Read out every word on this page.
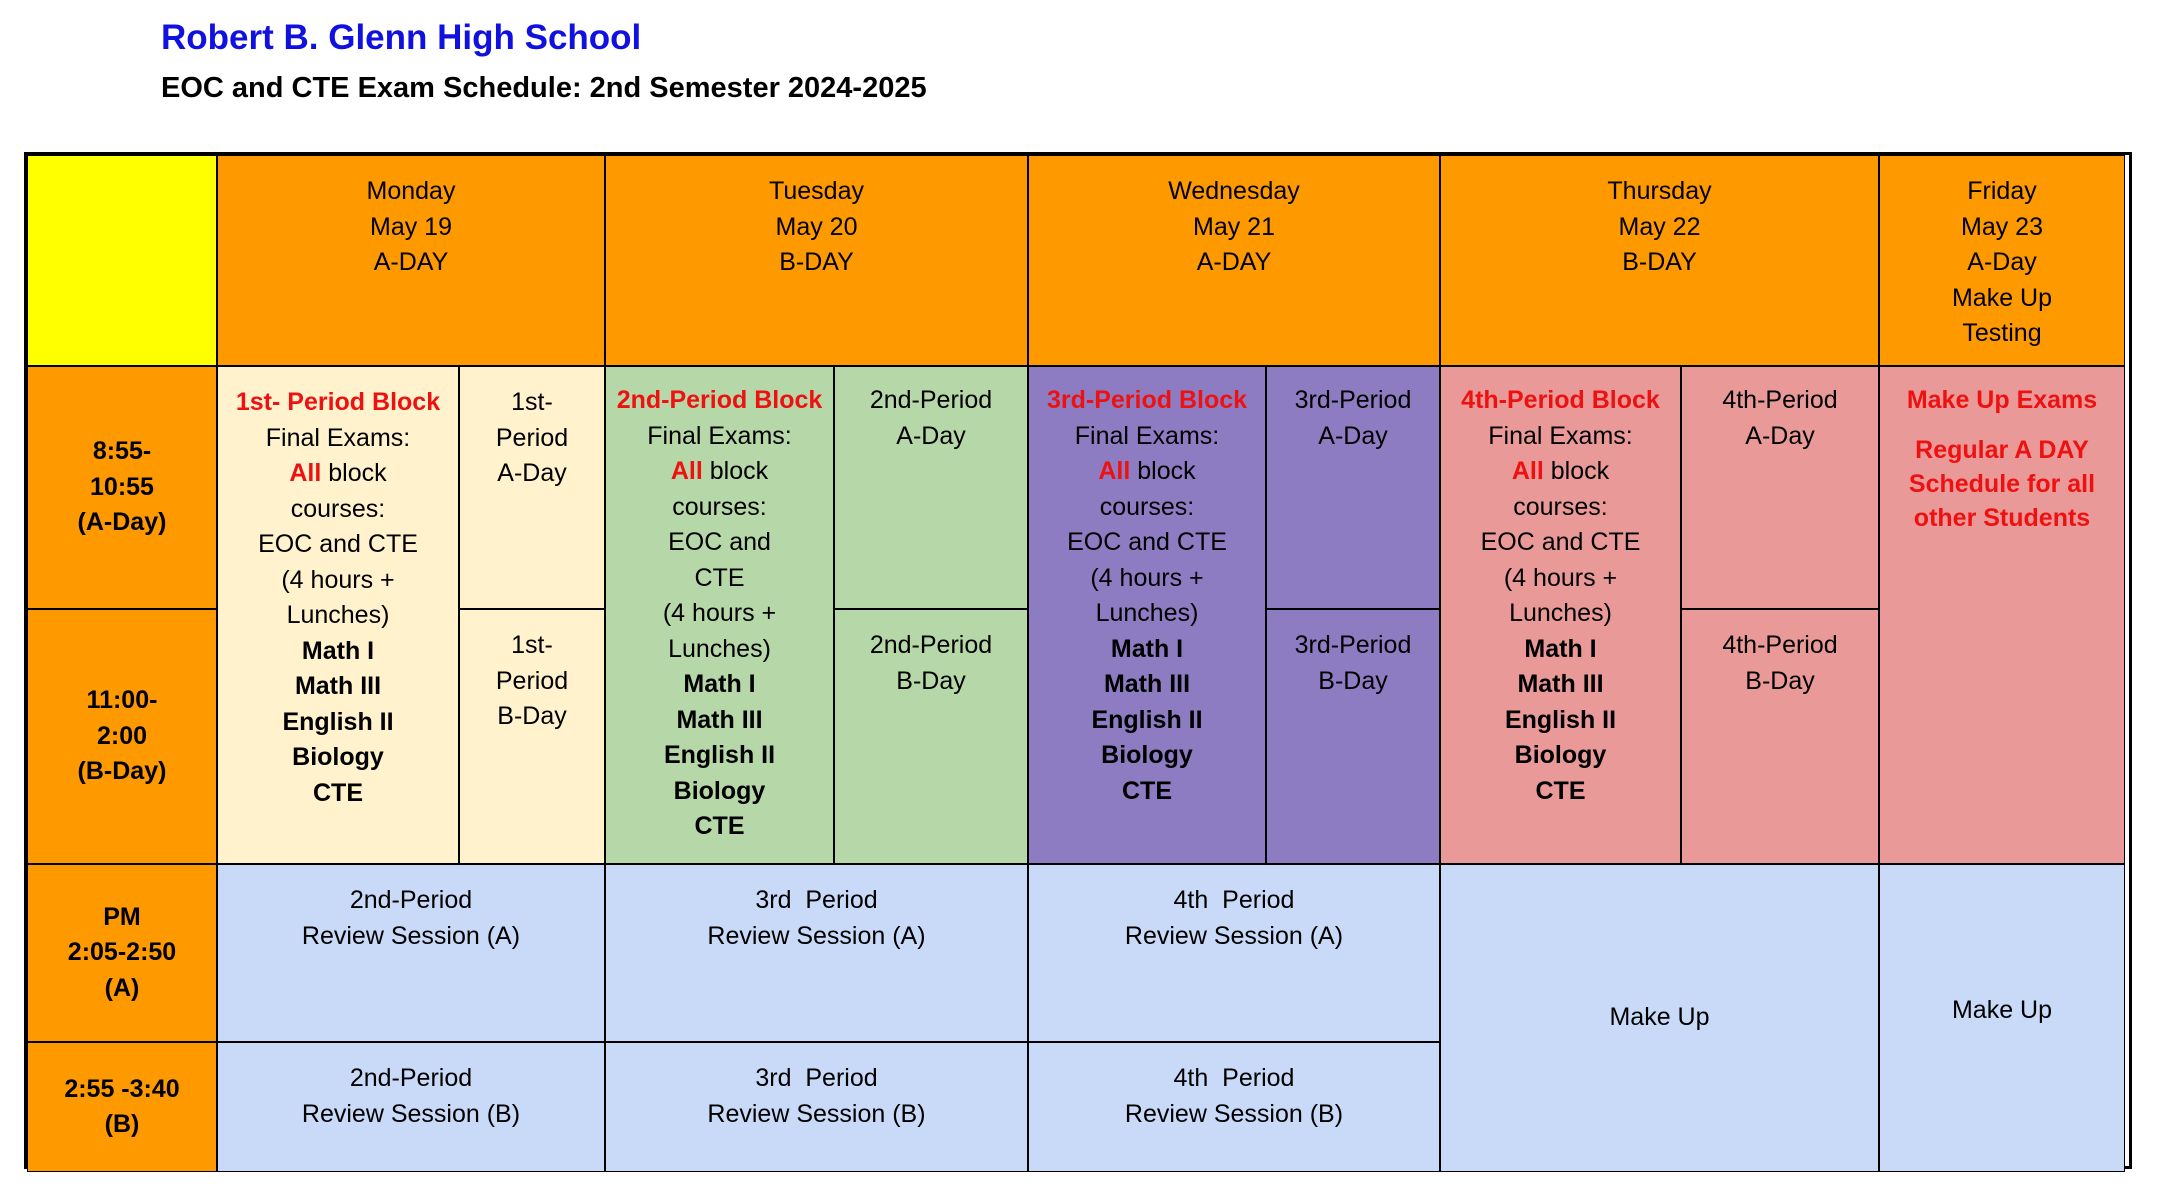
Robert B. Glenn High School
EOC and CTE Exam Schedule: 2nd Semester 2024-2025
Monday
May 19
A-DAY
Tuesday
May 20
B-DAY
Wednesday
May 21
A-DAY
Thursday
May 22
B-DAY
Friday
May 23
A-Day
Make Up
Testing
8:55-
10:55
(A-Day)
11:00-
2:00
(B-Day)
PM
2:05-2:50
(A)
2:55 -3:40
(B)
1st- Period Block
Final Exams:
All block
courses:
EOC and CTE
(4 hours +
Lunches)
Math I
Math III
English II
Biology
CTE
1st-
Period
A-Day
1st-
Period
B-Day
2nd-Period Block
Final Exams:
All block
courses:
EOC and
CTE
(4 hours +
Lunches)
Math I
Math III
English II
Biology
CTE
2nd-Period
A-Day
2nd-Period
B-Day
3rd-Period Block
Final Exams:
All block
courses:
EOC and CTE
(4 hours +
Lunches)
Math I
Math III
English II
Biology
CTE
3rd-Period
A-Day
3rd-Period
B-Day
4th-Period Block
Final Exams:
All block
courses:
EOC and CTE
(4 hours +
Lunches)
Math I
Math III
English II
Biology
CTE
4th-Period
A-Day
4th-Period
B-Day
Make Up Exams
Regular A DAY
Schedule for all
other Students
2nd-Period
Review Session (A)
2nd-Period
Review Session (B)
3rd  Period
Review Session (A)
3rd  Period
Review Session (B)
4th  Period
Review Session (A)
4th  Period
Review Session (B)
Make Up	Make Up
